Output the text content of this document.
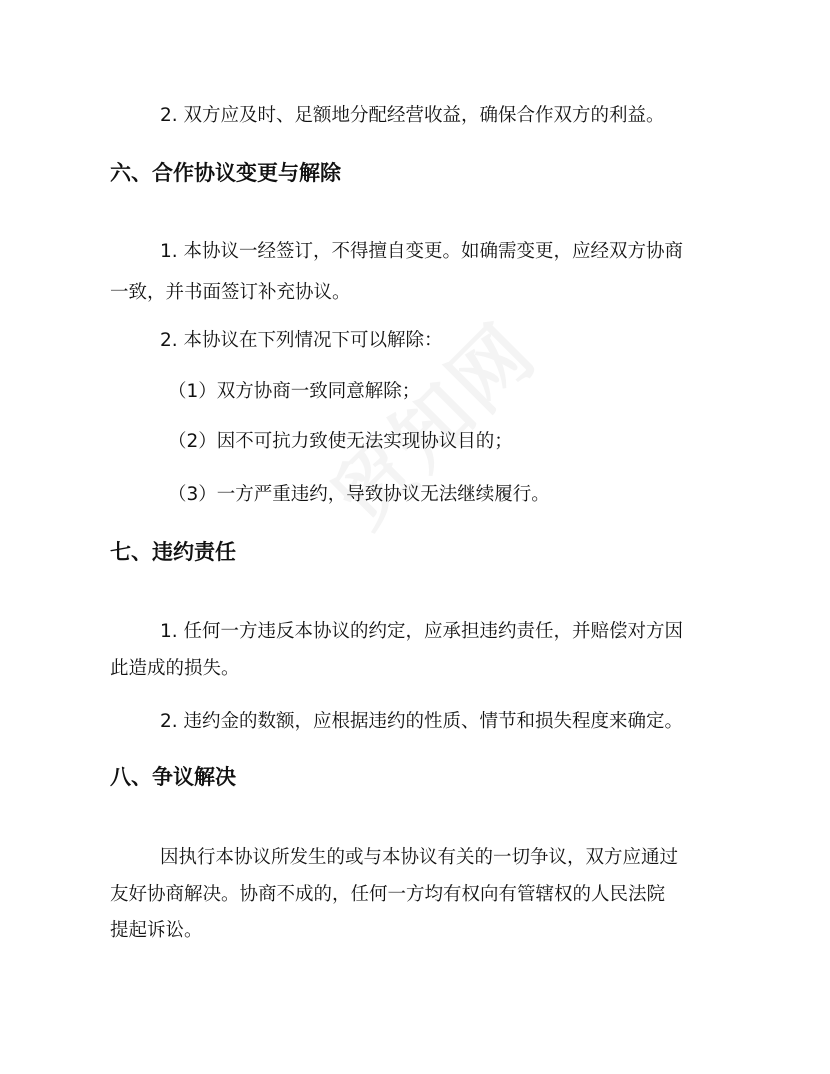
2. 双方应及时、足额地分配经营收益，确保合作双方的利益。
六、合作协议变更与解除
1. 本协议一经签订，不得擅自变更。如确需变更，应经双方协商
一致，并书面签订补充协议。
2. 本协议在下列情况下可以解除：
（1）双方协商一致同意解除；
（2）因不可抗力致使无法实现协议目的；
（3）一方严重违约，导致协议无法继续履行。
七、违约责任
1. 任何一方违反本协议的约定，应承担违约责任，并赔偿对方因
此造成的损失。
2. 违约金的数额，应根据违约的性质、情节和损失程度来确定。
八、争议解决
因执行本协议所发生的或与本协议有关的一切争议，双方应通过
友好协商解决。协商不成的，任何一方均有权向有管辖权的人民法院
提起诉讼。
